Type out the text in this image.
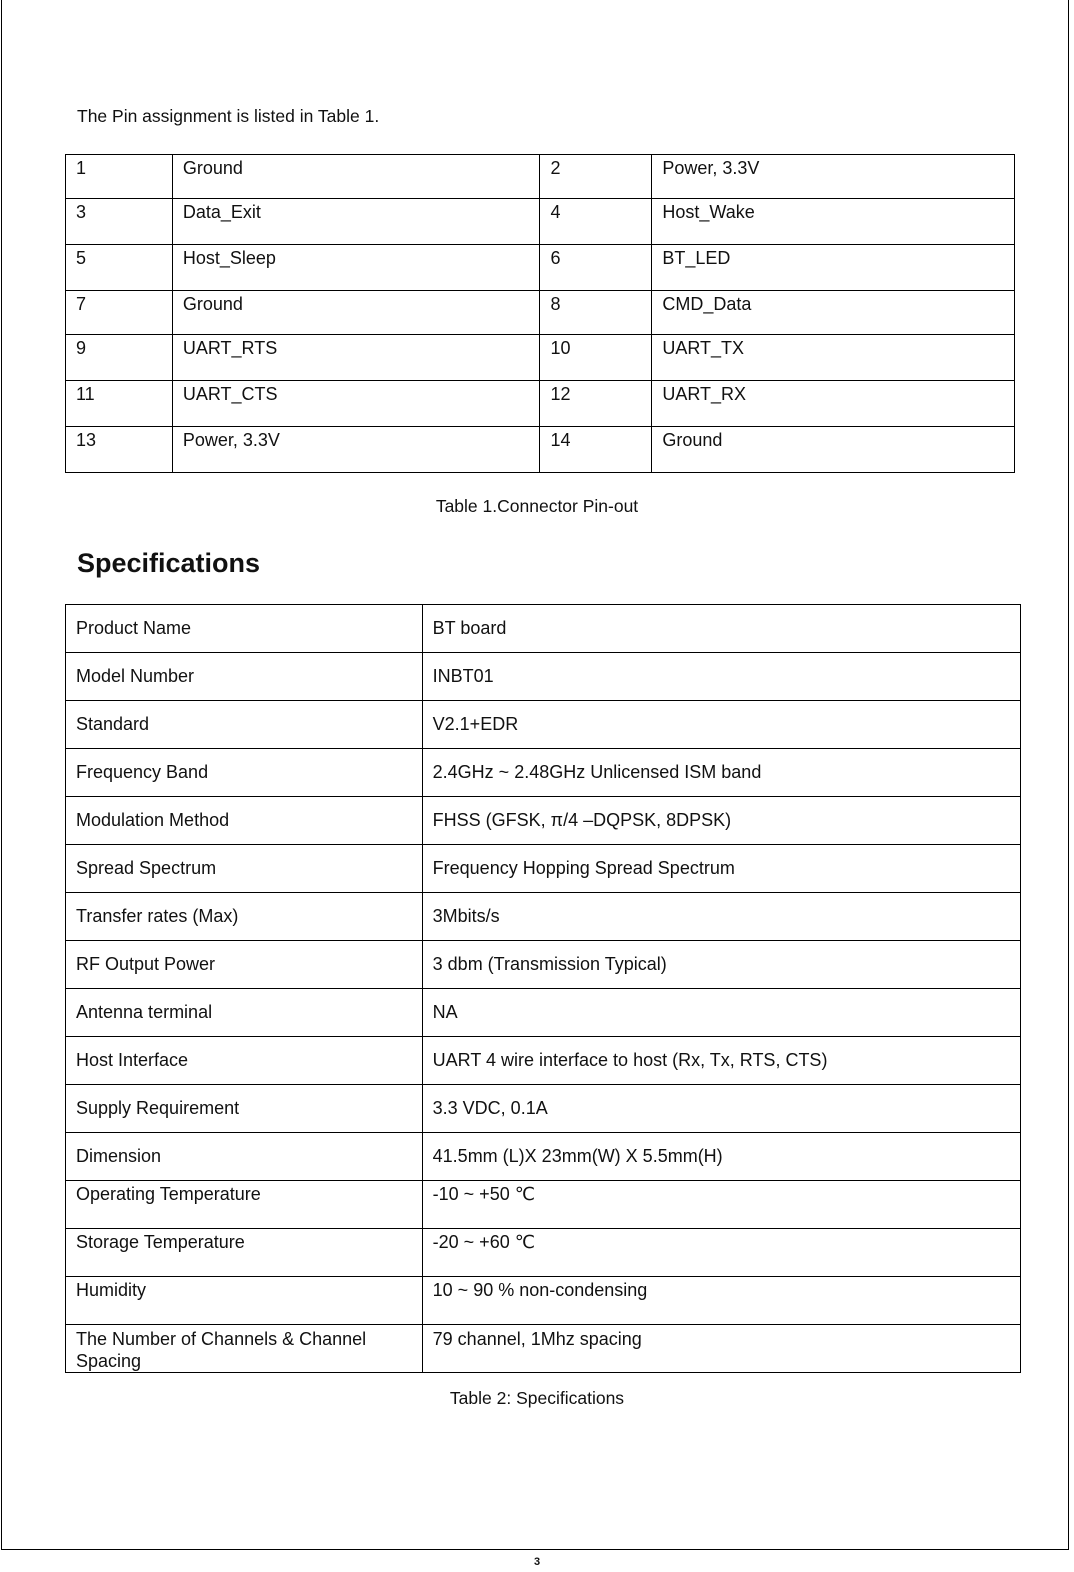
The Pin assignment is listed in Table 1.
1	Ground	2	Power, 3.3V
3	Data_Exit	4	Host_Wake
5	Host_Sleep	6	BT_LED
7	Ground	8	CMD_Data
9	UART_RTS	10	UART_TX
11	UART_CTS	12	UART_RX
13	Power, 3.3V	14	Ground
Table 1.Connector Pin-out
Specifications
Product Name	BT board
Model Number	INBT01
Standard	V2.1+EDR
Frequency Band	2.4GHz ~ 2.48GHz Unlicensed ISM band
Modulation Method	FHSS (GFSK, π/4 –DQPSK, 8DPSK)
Spread Spectrum	Frequency Hopping Spread Spectrum
Transfer rates (Max)	3Mbits/s
RF Output Power	3 dbm (Transmission Typical)
Antenna terminal	NA
Host Interface	UART 4 wire interface to host (Rx, Tx, RTS, CTS)
Supply Requirement	3.3 VDC, 0.1A
Dimension	41.5mm (L)X 23mm(W) X 5.5mm(H)
Operating Temperature	-10 ~ +50 ℃
Storage Temperature	-20 ~ +60 ℃
Humidity	10 ~ 90 % non-condensing
The Number of Channels & Channel Spacing	79 channel, 1Mhz spacing
Table 2: Specifications
3
